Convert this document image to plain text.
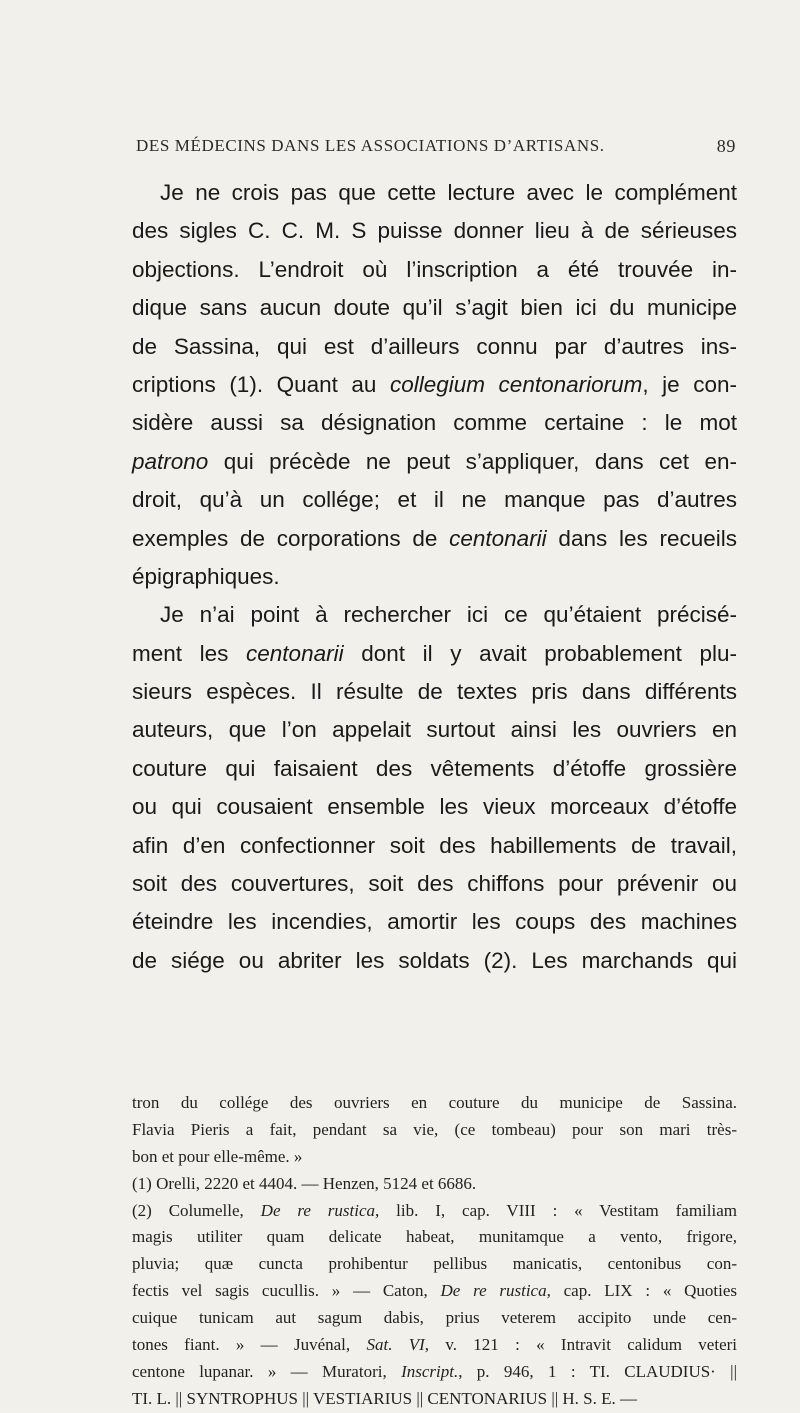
DES MÉDECINS DANS LES ASSOCIATIONS D’ARTISANS.	89
Je ne crois pas que cette lecture avec le complément
des sigles C. C. M. S puisse donner lieu à de sérieuses
objections. L’endroit où l’inscription a été trouvée in-
dique sans aucun doute qu’il s’agit bien ici du municipe
de Sassina, qui est d’ailleurs connu par d’autres ins-
criptions (1). Quant au collegium centonariorum, je con-
sidère aussi sa désignation comme certaine : le mot
patrono qui précède ne peut s’appliquer, dans cet en-
droit, qu’à un collége; et il ne manque pas d’autres
exemples de corporations de centonarii dans les recueils
épigraphiques.
Je n’ai point à rechercher ici ce qu’étaient précisé-
ment les centonarii dont il y avait probablement plu-
sieurs espèces. Il résulte de textes pris dans différents
auteurs, que l’on appelait surtout ainsi les ouvriers en
couture qui faisaient des vêtements d’étoffe grossière
ou qui cousaient ensemble les vieux morceaux d’étoffe
afin d’en confectionner soit des habillements de travail,
soit des couvertures, soit des chiffons pour prévenir ou
éteindre les incendies, amortir les coups des machines
de siége ou abriter les soldats (2). Les marchands qui
tron du collége des ouvriers en couture du municipe de Sassina.
Flavia Pieris a fait, pendant sa vie, (ce tombeau) pour son mari très-
bon et pour elle-même. »
(1) Orelli, 2220 et 4404. — Henzen, 5124 et 6686.
(2) Columelle, De re rustica, lib. I, cap. VIII : « Vestitam familiam
magis utiliter quam delicate habeat, munitamque a vento, frigore,
pluvia; quæ cuncta prohibentur pellibus manicatis, centonibus con-
fectis vel sagis cucullis. » — Caton, De re rustica, cap. LIX : « Quoties
cuique tunicam aut sagum dabis, prius veterem accipito unde cen-
tones fiant. » — Juvénal, Sat. VI, v. 121 : « Intravit calidum veteri
centone lupanar. » — Muratori, Inscript., p. 946, 1 : TI. CLAUDIUS· ||
TI. L. || SYNTROPHUS || VESTIARIUS || CENTONARIUS || H. S. E. —
